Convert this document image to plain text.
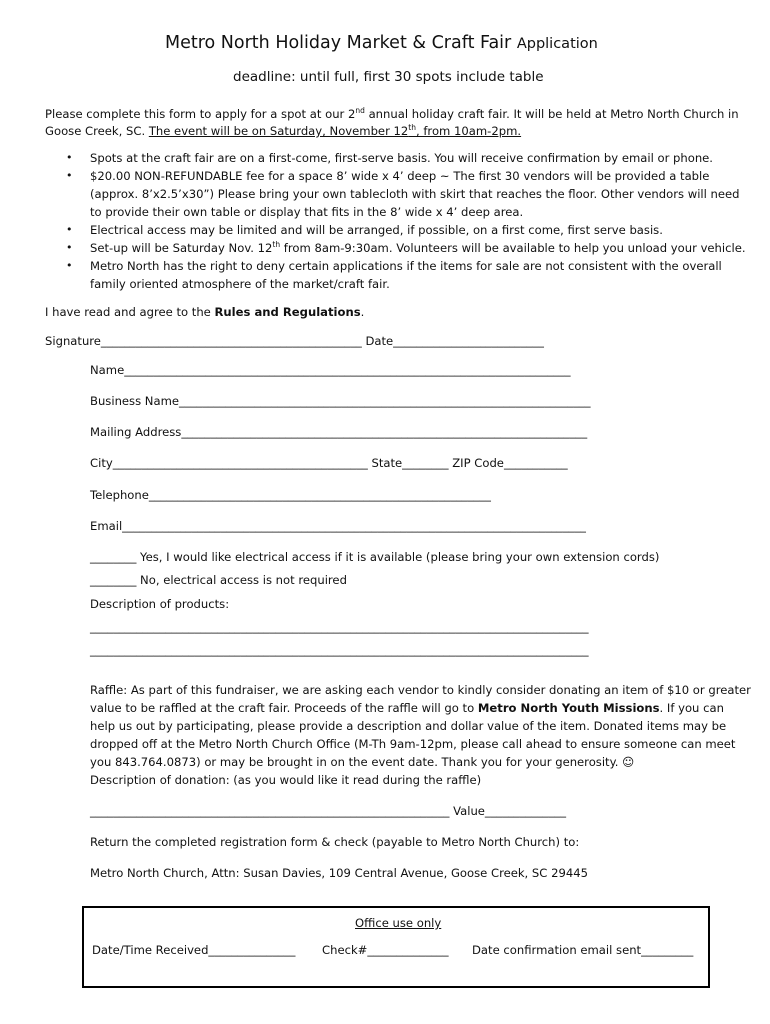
Metro North Holiday Market & Craft Fair Application
deadline: until full, first 30 spots include table
Please complete this form to apply for a spot at our 2nd annual holiday craft fair. It will be held at Metro North Church in
Goose Creek, SC. The event will be on Saturday, November 12th, from 10am-2pm.
• Spots at the craft fair are on a first-come, first-serve basis. You will receive confirmation by email or phone.
• $20.00 NON-REFUNDABLE fee for a space 8’ wide x 4’ deep ~ The first 30 vendors will be provided a table
(approx. 8’x2.5’x30”) Please bring your own tablecloth with skirt that reaches the floor. Other vendors will need
to provide their own table or display that fits in the 8’ wide x 4’ deep area.
• Electrical access may be limited and will be arranged, if possible, on a first come, first serve basis.
• Set-up will be Saturday Nov. 12th from 8am-9:30am. Volunteers will be available to help you unload your vehicle.
• Metro North has the right to deny certain applications if the items for sale are not consistent with the overall
family oriented atmosphere of the market/craft fair.
I have read and agree to the Rules and Regulations.
Signature_____________________________________________ Date__________________________
Name_____________________________________________________________________________
Business Name_______________________________________________________________________
Mailing Address______________________________________________________________________
City____________________________________________ State________ ZIP Code___________
Telephone___________________________________________________________
Email________________________________________________________________________________
________ Yes, I would like electrical access if it is available (please bring your own extension cords)
________ No, electrical access is not required
Description of products:
______________________________________________________________________________________
______________________________________________________________________________________
Raffle: As part of this fundraiser, we are asking each vendor to kindly consider donating an item of $10 or greater
value to be raffled at the craft fair. Proceeds of the raffle will go to Metro North Youth Missions. If you can
help us out by participating, please provide a description and dollar value of the item. Donated items may be
dropped off at the Metro North Church Office (M-Th 9am-12pm, please call ahead to ensure someone can meet
you 843.764.0873) or may be brought in on the event date. Thank you for your generosity. ☺
Description of donation: (as you would like it read during the raffle)
______________________________________________________________ Value______________
Return the completed registration form & check (payable to Metro North Church) to:
Metro North Church, Attn: Susan Davies, 109 Central Avenue, Goose Creek, SC 29445
Office use only
Date/Time Received_______________ Check#______________ Date confirmation email sent_________
